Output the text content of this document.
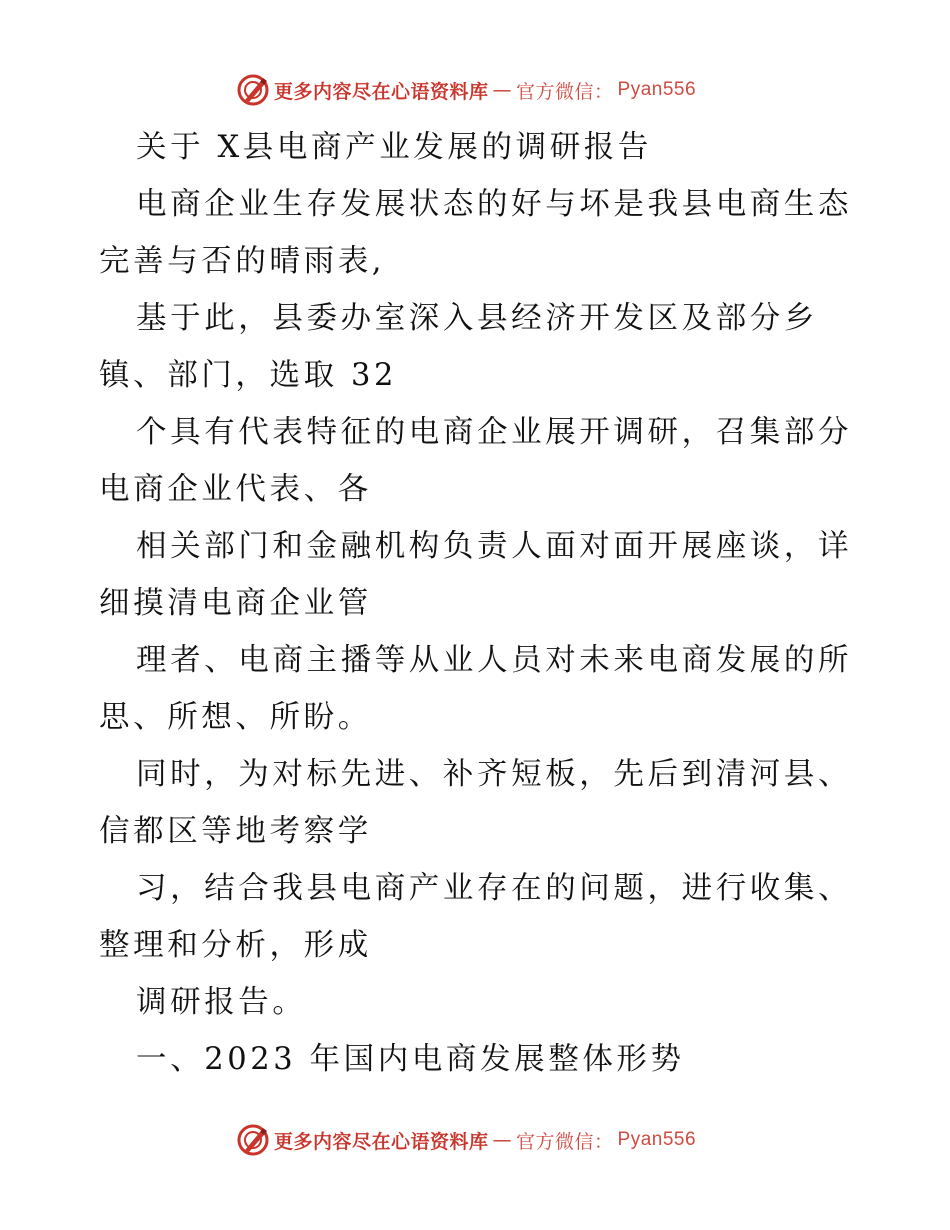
更多内容尽在心语资料库 — 官方微信： Pyan556
关于 X县电商产业发展的调研报告
电商企业生存发展状态的好与坏是我县电商生态
完善与否的晴雨表,
基于此，县委办室深入县经济开发区及部分乡
镇、部门，选取 32
个具有代表特征的电商企业展开调研，召集部分
电商企业代表、各
相关部门和金融机构负责人面对面开展座谈，详
细摸清电商企业管
理者、电商主播等从业人员对未来电商发展的所
思、所想、所盼。
同时，为对标先进、补齐短板，先后到清河县、
信都区等地考察学
习，结合我县电商产业存在的问题，进行收集、
整理和分析，形成
调研报告。
一、2023 年国内电商发展整体形势
更多内容尽在心语资料库 — 官方微信： Pyan556
